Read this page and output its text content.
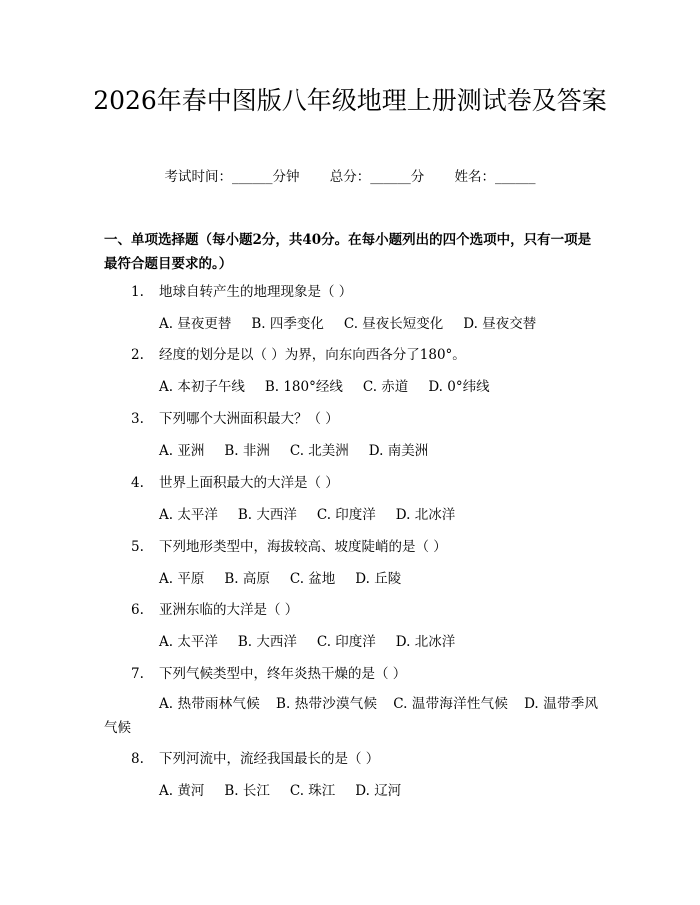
2026年春中图版八年级地理上册测试卷及答案
考试时间：______分钟 总分：______分 姓名：______
一、单项选择题（每小题2分，共40分。在每小题列出的四个选项中，只有一项是最符合题目要求的。）
1. 地球自转产生的地理现象是（ ）
A. 昼夜更替 B. 四季变化 C. 昼夜长短变化 D. 昼夜交替
2. 经度的划分是以（ ）为界，向东向西各分了180°。
A. 本初子午线 B. 180°经线 C. 赤道 D. 0°纬线
3. 下列哪个大洲面积最大？（ ）
A. 亚洲 B. 非洲 C. 北美洲 D. 南美洲
4. 世界上面积最大的大洋是（ ）
A. 太平洋 B. 大西洋 C. 印度洋 D. 北冰洋
5. 下列地形类型中，海拔较高、坡度陡峭的是（ ）
A. 平原 B. 高原 C. 盆地 D. 丘陵
6. 亚洲东临的大洋是（ ）
A. 太平洋 B. 大西洋 C. 印度洋 D. 北冰洋
7. 下列气候类型中，终年炎热干燥的是（ ）
A. 热带雨林气候 B. 热带沙漠气候 C. 温带海洋性气候 D. 温带季风气候
8. 下列河流中，流经我国最长的是（ ）
A. 黄河 B. 长江 C. 珠江 D. 辽河
